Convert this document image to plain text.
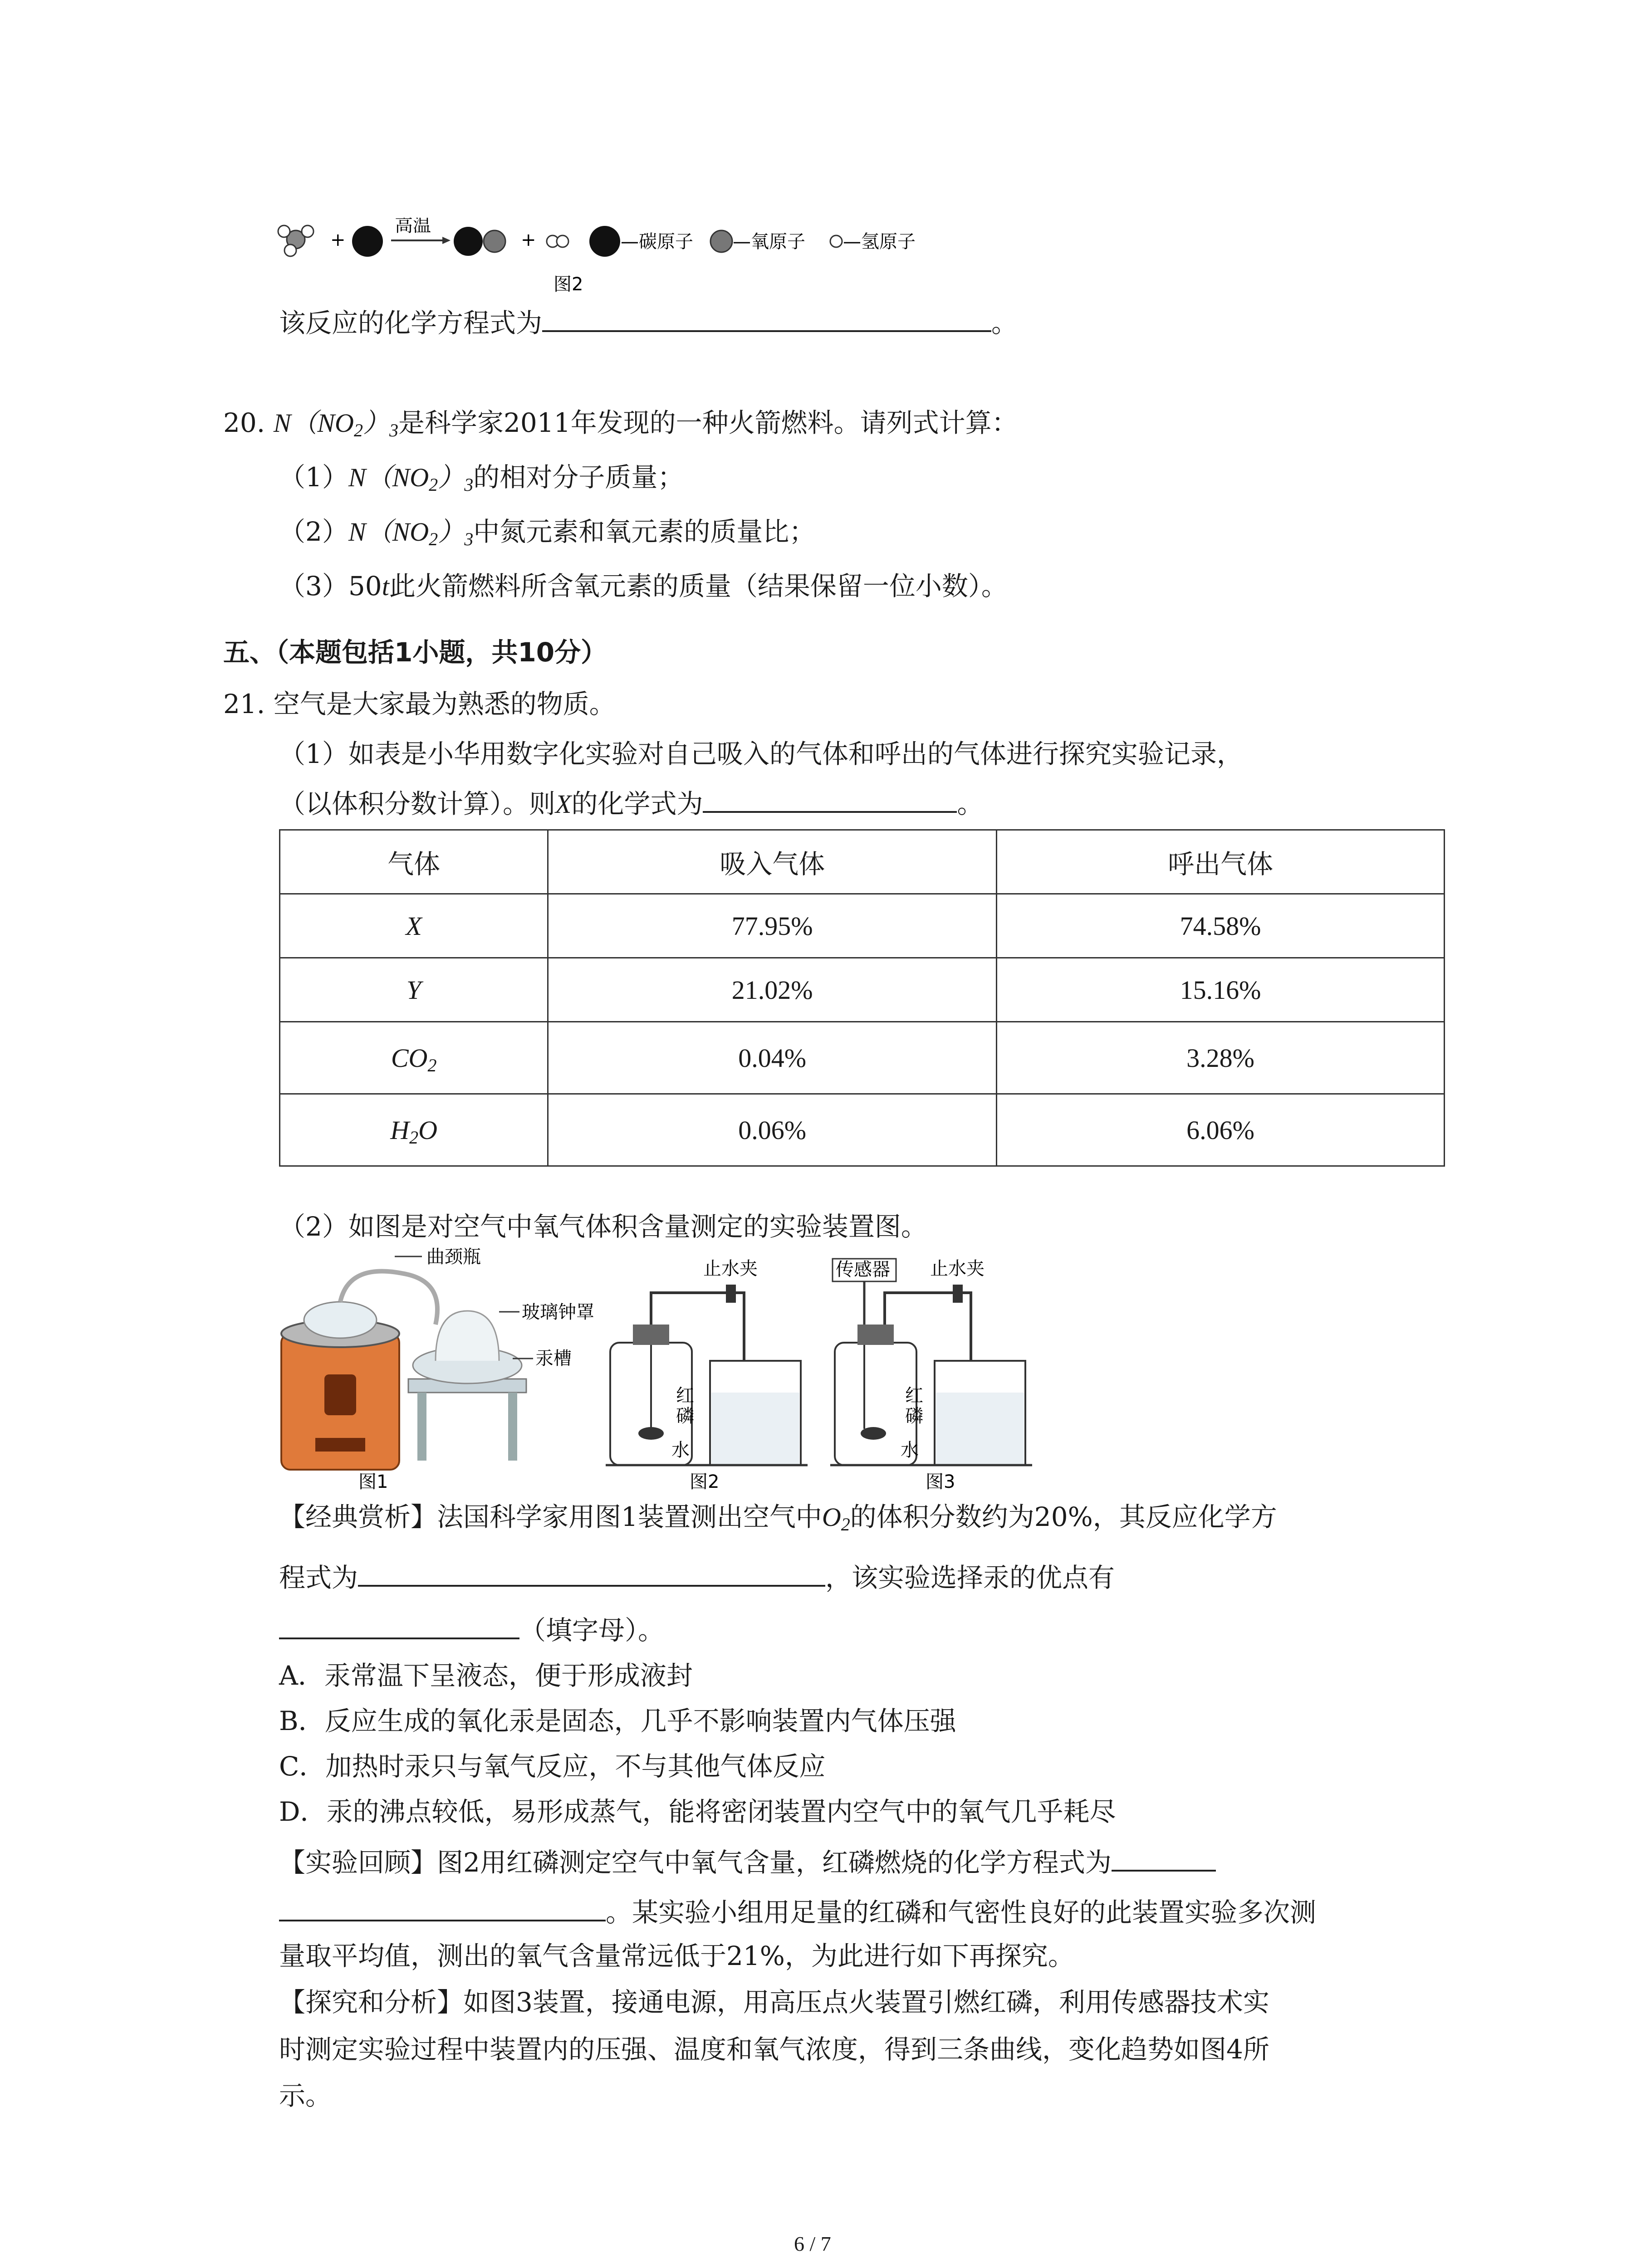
+
高温
+	—碳原子 —氧原子 —氢原子
图2
该反应的化学方程式为	。
20. $N(NO_2)_3$是科学家2011年发现的一种火箭燃料。请列式计算：
$(1)N(NO_2)_3$的相对分子质量；
$(2)N(NO_2)_3$中氮元素和氧元素的质量比；
（3）50t此火箭燃料所含氧元素的质量（结果保留一位小数）。
五、（本题包括1小题，共10分）
21. 空气是大家最为熟悉的物质。
（1）如表是小华用数字化实验对自己吸入的气体和呼出的气体进行探究实验记录，
（以体积分数计算）。则X的化学式为	。
气体	吸入气体	呼出气体
X	77.95%	74.58%
Y	21.02%	15.16%
$CO_2$	0.04%	3.28%
$H_2O$	0.06%	6.06%
（2）如图是对空气中氧气体积含量测定的实验装置图。
曲颈瓶
玻璃钟罩
汞槽
图1
止水夹
红
磷
水
图2
传感器 止水夹
红
磷
水
图3
【经典赏析】法国科学家用图1装置测出空气中$O_2$的体积分数约为20%，其反应化学方
程式为	，该实验选择汞的优点有
（填字母）。
A．汞常温下呈液态，便于形成液封
B．反应生成的氧化汞是固态，几乎不影响装置内气体压强
C．加热时汞只与氧气反应，不与其他气体反应
D．汞的沸点较低，易形成蒸气，能将密闭装置内空气中的氧气几乎耗尽
【实验回顾】图2用红磷测定空气中氧气含量，红磷燃烧的化学方程式为
。某实验小组用足量的红磷和气密性良好的此装置实验多次测
量取平均值，测出的氧气含量常远低于21%，为此进行如下再探究。
【探究和分析】如图3装置，接通电源，用高压点火装置引燃红磷，利用传感器技术实
时测定实验过程中装置内的压强、温度和氧气浓度，得到三条曲线，变化趋势如图4所
示。
6 / 7
